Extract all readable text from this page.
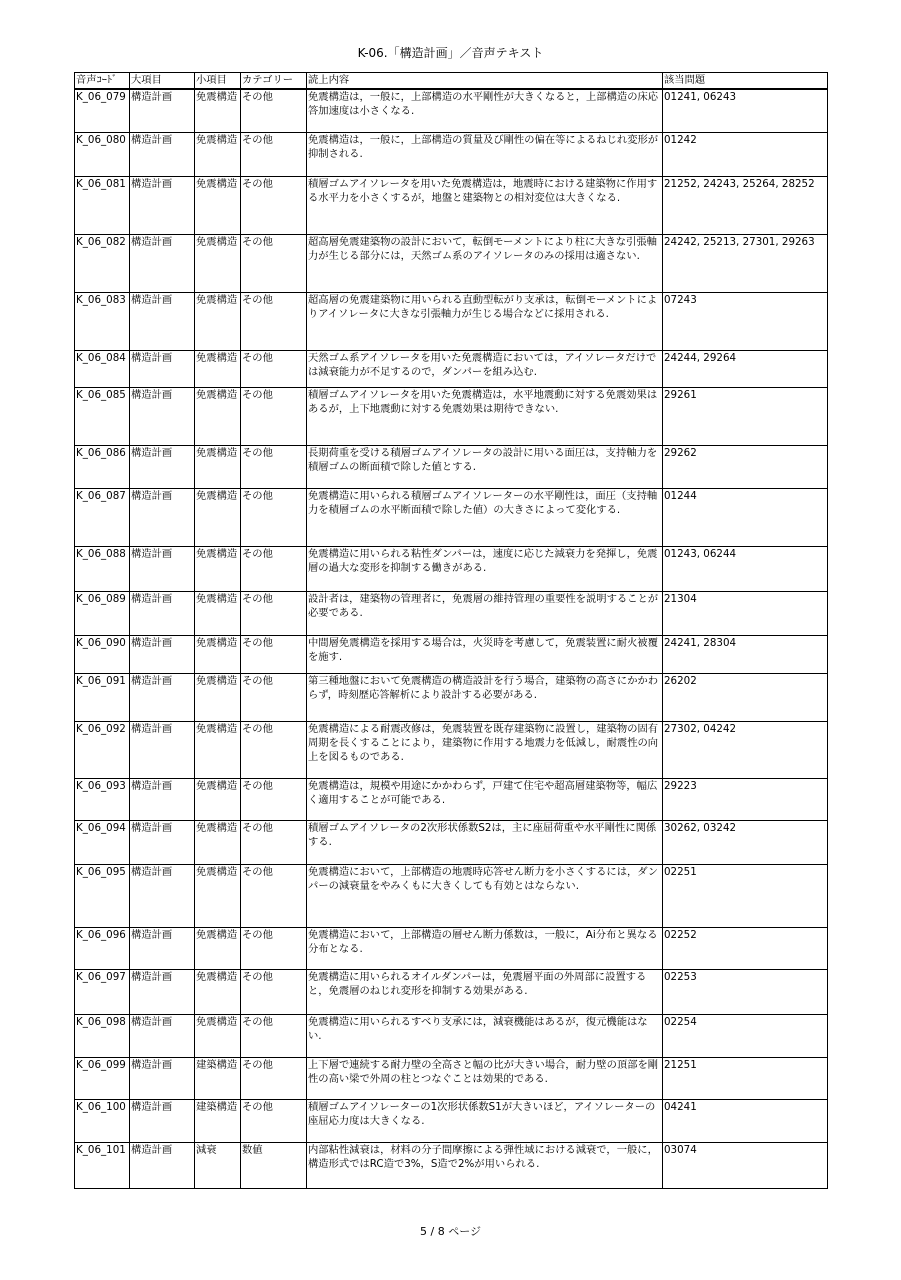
K-06.「構造計画」／音声テキスト
音声ｺｰﾄﾞ	大項目	小項目	カテゴリー	読上内容	該当問題
K_06_079	構造計画	免震構造	その他	免震構造は，一般に，上部構造の水平剛性が大きくなると，上部構造の床応答加速度は小さくなる.	01241, 06243
K_06_080	構造計画	免震構造	その他	免震構造は，一般に，上部構造の質量及び剛性の偏在等によるねじれ変形が抑制される.	01242
K_06_081	構造計画	免震構造	その他	積層ゴムアイソレータを用いた免震構造は，地震時における建築物に作用する水平力を小さくするが，地盤と建築物との相対変位は大きくなる.	21252, 24243, 25264, 28252
K_06_082	構造計画	免震構造	その他	超高層免震建築物の設計において，転倒モーメントにより柱に大きな引張軸力が生じる部分には，天然ゴム系のアイソレータのみの採用は適さない.	24242, 25213, 27301, 29263
K_06_083	構造計画	免震構造	その他	超高層の免震建築物に用いられる直動型転がり支承は，転倒モーメントによりアイソレータに大きな引張軸力が生じる場合などに採用される.	07243
K_06_084	構造計画	免震構造	その他	天然ゴム系アイソレータを用いた免震構造においては，アイソレータだけでは減衰能力が不足するので，ダンパーを組み込む.	24244, 29264
K_06_085	構造計画	免震構造	その他	積層ゴムアイソレータを用いた免震構造は，水平地震動に対する免震効果はあるが，上下地震動に対する免震効果は期待できない.	29261
K_06_086	構造計画	免震構造	その他	長期荷重を受ける積層ゴムアイソレータの設計に用いる面圧は，支持軸力を積層ゴムの断面積で除した値とする.	29262
K_06_087	構造計画	免震構造	その他	免震構造に用いられる積層ゴムアイソレーターの水平剛性は，面圧（支持軸力を積層ゴムの水平断面積で除した値）の大きさによって変化する.	01244
K_06_088	構造計画	免震構造	その他	免震構造に用いられる粘性ダンパーは，速度に応じた減衰力を発揮し，免震層の過大な変形を抑制する働きがある.	01243, 06244
K_06_089	構造計画	免震構造	その他	設計者は，建築物の管理者に，免震層の維持管理の重要性を説明することが必要である.	21304
K_06_090	構造計画	免震構造	その他	中間層免震構造を採用する場合は，火災時を考慮して，免震装置に耐火被覆を施す.	24241, 28304
K_06_091	構造計画	免震構造	その他	第三種地盤において免震構造の構造設計を行う場合，建築物の高さにかかわらず，時刻歴応答解析により設計する必要がある.	26202
K_06_092	構造計画	免震構造	その他	免震構造による耐震改修は，免震装置を既存建築物に設置し，建築物の固有周期を長くすることにより，建築物に作用する地震力を低減し，耐震性の向上を図るものである.	27302, 04242
K_06_093	構造計画	免震構造	その他	免震構造は，規模や用途にかかわらず，戸建て住宅や超高層建築物等，幅広く適用することが可能である.	29223
K_06_094	構造計画	免震構造	その他	積層ゴムアイソレータの2次形状係数S2は，主に座屈荷重や水平剛性に関係する.	30262, 03242
K_06_095	構造計画	免震構造	その他	免震構造において，上部構造の地震時応答せん断力を小さくするには，ダンパーの減衰量をやみくもに大きくしても有効とはならない.	02251
K_06_096	構造計画	免震構造	その他	免震構造において，上部構造の層せん断力係数は，一般に，Ai分布と異なる分布となる.	02252
K_06_097	構造計画	免震構造	その他	免震構造に用いられるオイルダンパーは，免震層平面の外周部に設置すると，免震層のねじれ変形を抑制する効果がある.	02253
K_06_098	構造計画	免震構造	その他	免震構造に用いられるすべり支承には，減衰機能はあるが，復元機能はない.	02254
K_06_099	構造計画	建築構造	その他	上下層で連続する耐力壁の全高さと幅の比が大きい場合，耐力壁の頂部を剛性の高い梁で外周の柱とつなぐことは効果的である.	21251
K_06_100	構造計画	建築構造	その他	積層ゴムアイソレーターの1次形状係数S1が大きいほど，アイソレーターの座屈応力度は大きくなる.	04241
K_06_101	構造計画	減衰	数値	内部粘性減衰は，材料の分子間摩擦による弾性域における減衰で，一般に，構造形式ではRC造で3%，S造で2%が用いられる.	03074
5 / 8 ページ
